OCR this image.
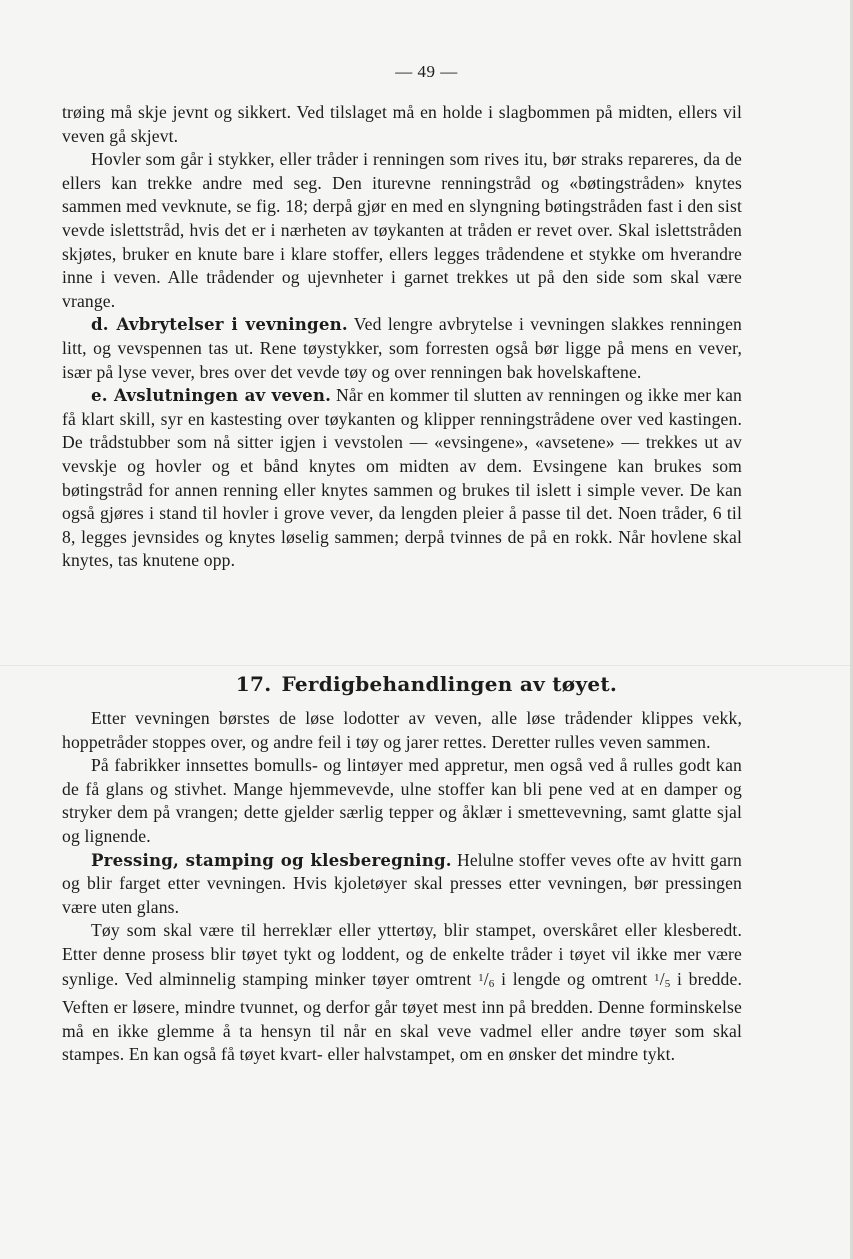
— 49 —

trøing må skje jevnt og sikkert. Ved tilslaget må en holde i slagbommen på midten, ellers vil veven gå skjevt.

Hovler som går i stykker, eller tråder i renningen som rives itu, bør straks repareres, da de ellers kan trekke andre med seg. Den iturevne renningstråd og «bøtingstråden» knytes sammen med vevknute, se fig. 18; derpå gjør en med en slyngning bøtingstråden fast i den sist vevde islettstråd, hvis det er i nærheten av tøykanten at tråden er revet over. Skal islettstråden skjøtes, bruker en knute bare i klare stoffer, ellers legges trådendene et stykke om hverandre inne i veven. Alle trådender og ujevnheter i garnet trekkes ut på den side som skal være vrange.

d. Avbrytelser i vevningen. Ved lengre avbrytelse i vevningen slakkes renningen litt, og vevspennen tas ut. Rene tøystykker, som forresten også bør ligge på mens en vever, især på lyse vever, bres over det vevde tøy og over renningen bak hovelskaftene.

e. Avslutningen av veven. Når en kommer til slutten av renningen og ikke mer kan få klart skill, syr en kastesting over tøykanten og klipper renningstrådene over ved kastingen. De trådstubber som nå sitter igjen i vevstolen — «evsingene», «avsetene» — trekkes ut av vevskje og hovler og et bånd knytes om midten av dem. Evsingene kan brukes som bøtingstråd for annen renning eller knytes sammen og brukes til islett i simple vever. De kan også gjøres i stand til hovler i grove vever, da lengden pleier å passe til det. Noen tråder, 6 til 8, legges jevnsides og knytes løselig sammen; derpå tvinnes de på en rokk. Når hovlene skal knytes, tas knutene opp.

17. Ferdigbehandlingen av tøyet.

Etter vevningen børstes de løse lodotter av veven, alle løse trådender klippes vekk, hoppetråder stoppes over, og andre feil i tøy og jarer rettes. Deretter rulles veven sammen.

På fabrikker innsettes bomulls- og lintøyer med appretur, men også ved å rulles godt kan de få glans og stivhet. Mange hjemmevevde, ulne stoffer kan bli pene ved at en damper og stryker dem på vrangen; dette gjelder særlig tepper og åklær i smettevevning, samt glatte sjal og lignende.

Pressing, stamping og klesberegning. Helulne stoffer veves ofte av hvitt garn og blir farget etter vevningen. Hvis kjoletøyer skal presses etter vevningen, bør pressingen være uten glans.

Tøy som skal være til herreklær eller yttertøy, blir stampet, overskåret eller klesberedt. Etter denne prosess blir tøyet tykt og loddent, og de enkelte tråder i tøyet vil ikke mer være synlige. Ved alminnelig stamping minker tøyer omtrent $^1$/6 i lengde og omtrent $^1$/5 i bredde. Veften er løsere, mindre tvunnet, og derfor går tøyet mest inn på bredden. Denne forminskelse må en ikke glemme å ta hensyn til når en skal veve vadmel eller andre tøyer som skal stampes. En kan også få tøyet kvart- eller halvstampet, om en ønsker det mindre tykt.
